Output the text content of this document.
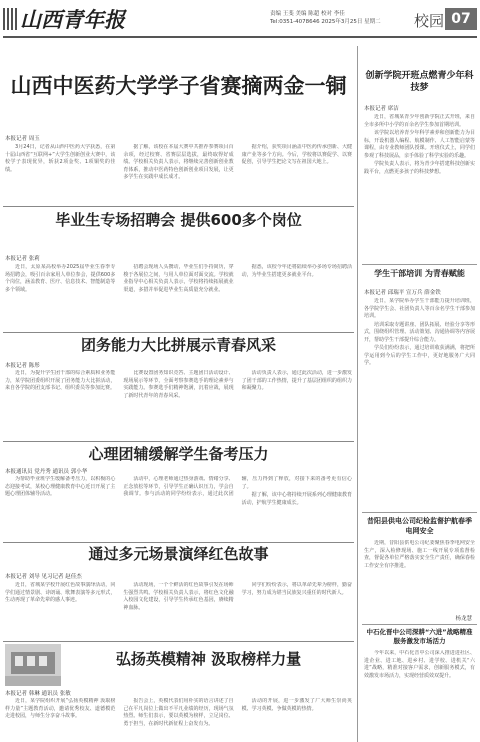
山西青年报	责编 王斐 美编 陈超 校对 李佳
Tel:0351-4078646 2025年3月25日 星期二	校园 07
山西中医药大学学子省赛摘两金一铜
本报记者 周玉

3月24日，记者从山西中医药大学获悉，在第十届山西省“互联网+”大学生创新创业大赛中，该校学子表现优异，斩获2项金奖、1项铜奖的佳绩。

据了解，该校在本届大赛中共推荐参赛项目百余项，经过校赛、省赛层层选拔，最终取得好成绩。学校相关负责人表示，将继续完善创新创业教育体系，推动中医药特色创新创业项目发展，让更多学生在实践中成长成才。

据介绍，获奖项目涵盖中医药传承创新、大健康产业等多个方向。今后，学校将以赛促学、以赛促创，引导学生把论文写在祖国大地上。

毕业生专场招聘会 提供600多个岗位
本报记者 张莉

近日，太原某高校举办2025届毕业生春季专场招聘会，吸引百余家用人单位参会，提供600多个岗位，涵盖教育、医疗、信息技术、智能制造等多个领域。

招聘会现场人头攒动，毕业生们手持简历，穿梭于各展位之间，与用人单位面对面交流。学校就业指导中心相关负责人表示，学校将持续拓展就业渠道，多措并举促进毕业生高质量充分就业。

据悉，该校今年还将陆续举办多场专场招聘活动，为毕业生搭建更多就业平台。

团务能力大比拼展示青春风采
本报记者 陈彤

近日，为提升学生团干部的综合素质和业务能力，某学院团委组织开展了团务能力大比拼活动，来自各学院的团支部书记、组织委员等参加比赛。

比赛设置团务知识竞答、主题团日活动设计、现场展示等环节，全面考察参赛选手的理论素养与实践能力。参赛选手们精神饱满，沉着应战，展现了新时代青年的青春风采。

活动负责人表示，通过此次活动，进一步激发了团干部的工作热情，提升了基层团组织的组织力和凝聚力。

心理团辅缓解学生备考压力
本报通讯员 党丹秀 通讯员 郭小华

为帮助毕业班学生缓解备考压力，以积极的心态迎接考试，某校心理健康教育中心近日开展了主题心理团体辅导活动。

活动中，心理老师通过热身游戏、情绪分享、正念放松等环节，引导学生正确认识压力，学会自我调节。参与活动的同学纷纷表示，通过此次团辅，压力得到了释放，对接下来的备考更有信心了。

据了解，该中心将持续开展系列心理健康教育活动，护航学生健康成长。

通过多元场景演绎红色故事
本报记者 刘导 见习记者 赵佳杰

近日，省城某学校开展红色故事演绎活动，同学们通过情景剧、诗朗诵、歌舞表演等多元形式，生动再现了革命先辈的感人事迹。

活动现场，一个个鲜活的红色故事引发在场师生强烈共鸣。学校相关负责人表示，将红色文化融入校园文化建设，引导学生传承红色基因，赓续精神血脉。

同学们纷纷表示，将以革命先辈为榜样，勤奋学习，努力成为堪当民族复兴重任的时代新人。

弘扬英模精神 汲取榜样力量
本报记者 韩琳 通讯员 张敏

近日，某学院组织开展“弘扬英模精神 汲取榜样力量”主题教育活动，邀请优秀校友、道德模范走进校园，与师生分享奋斗故事。

报告会上，英模代表们用朴实的语言讲述了自己在平凡岗位上做出不平凡业绩的经历，现场气氛热烈。师生们表示，要以英模为榜样，立足岗位、勇于担当，在新时代新征程上奋发有为。

活动的开展，进一步激发了广大师生崇尚英模、学习英模、争做英模的热情。

创新学院开班点燃青少年科技梦
本报记者 席洁

近日，省城某青少年创新学院正式开班，来自全市多所中小学的百余名学生参加首期培训。

该学院以培养青少年科学素养和创新能力为目标，开设机器人编程、航模制作、人工智能启蒙等课程，由专业教师团队授课。开班仪式上，同学们参观了科技展品，亲手体验了科学实验的乐趣。

学院负责人表示，将为青少年搭建科技创新实践平台，点燃更多孩子的科技梦想。

学生干部培训 为青春赋能
本报记者 邱瑞平 宣万兵 薛金铁

近日，某学院举办学生干部能力提升培训班，各学院学生会、社团负责人等百余名学生干部参加培训。

培训采取专题讲座、团队拓展、经验分享等形式，围绕组织管理、活动策划、沟通协调等内容展开，帮助学生干部提升综合能力。

学员们纷纷表示，通过培训收获满满，将把所学运用到今后的学生工作中，更好地服务广大同学。

昔阳县供电公司纪检监督护航春季电网安全

近期，昔阳县供电公司纪委聚焦春季电网安全生产，深入检修现场、施工一线开展专项监督检查，督促各单位严格落实安全生产责任，确保春检工作安全有序推进。

杨龙慧
中石化晋中公司深耕“六进”战略精准服务激发市场活力

今年以来，中石化晋中公司深入推进进社区、进企业、进工地、进乡村、进学校、进机关“六进”战略，精准对接客户需求，创新服务模式，有效激发市场活力，实现经营质效双提升。
